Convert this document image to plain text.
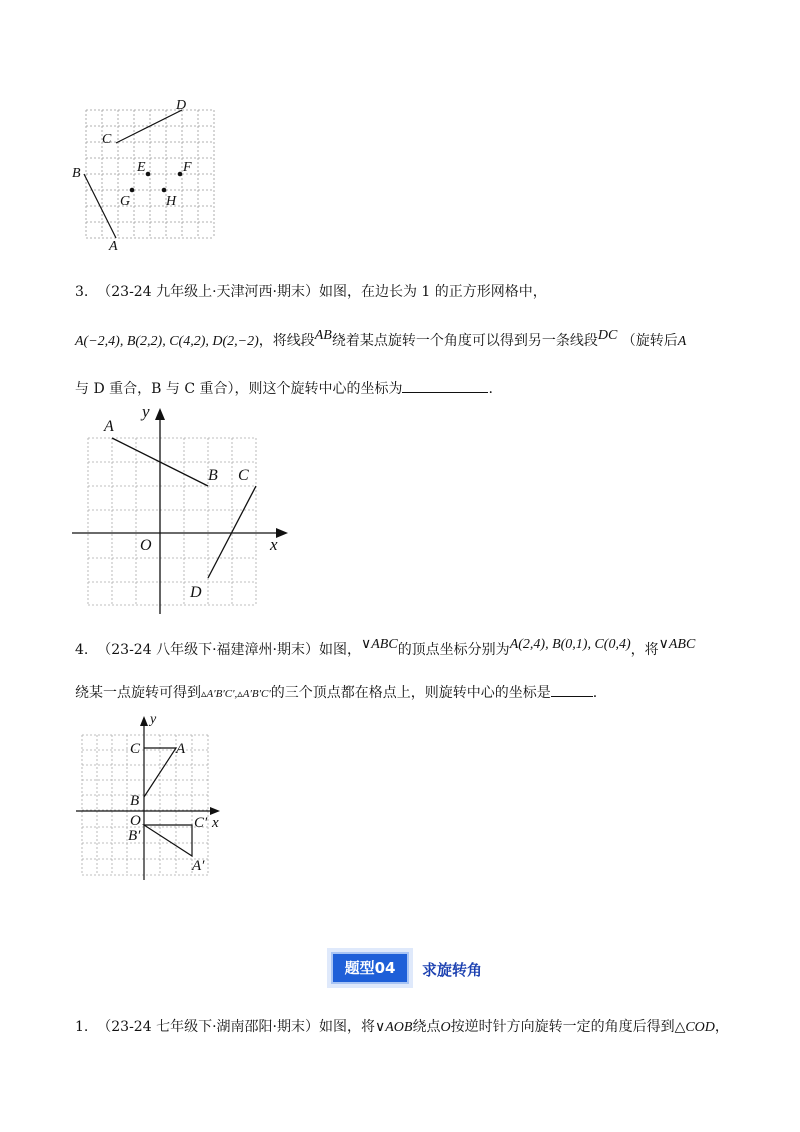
D
C
E	F
B
G	H
A
3. （23-24 九年级上·天津河西·期末）如图，在边长为 1 的正方形网格中，
A(−2,4), B(2,2), C(4,2), D(2,−2)，将线段AB绕着某点旋转一个角度可以得到另一条线段DC （旋转后A
与 D 重合，B 与 C 重合），则这个旋转中心的坐标为	.
y
x
O
A
B C
D
4. （23-24 八年级下·福建漳州·期末）如图，∨ABC的顶点坐标分别为A(2,4), B(0,1), C(0,4)，将∨ABC
绕某一点旋转可得到▵A′B′C′,▵A′B′C′的三个顶点都在格点上，则旋转中心的坐标是	.
y
x
C A
B
O
B′
C′
A′
题型04	求旋转角
1. （23-24 七年级下·湖南邵阳·期末）如图，将∨AOB绕点O按逆时针方向旋转一定的角度后得到△COD，
